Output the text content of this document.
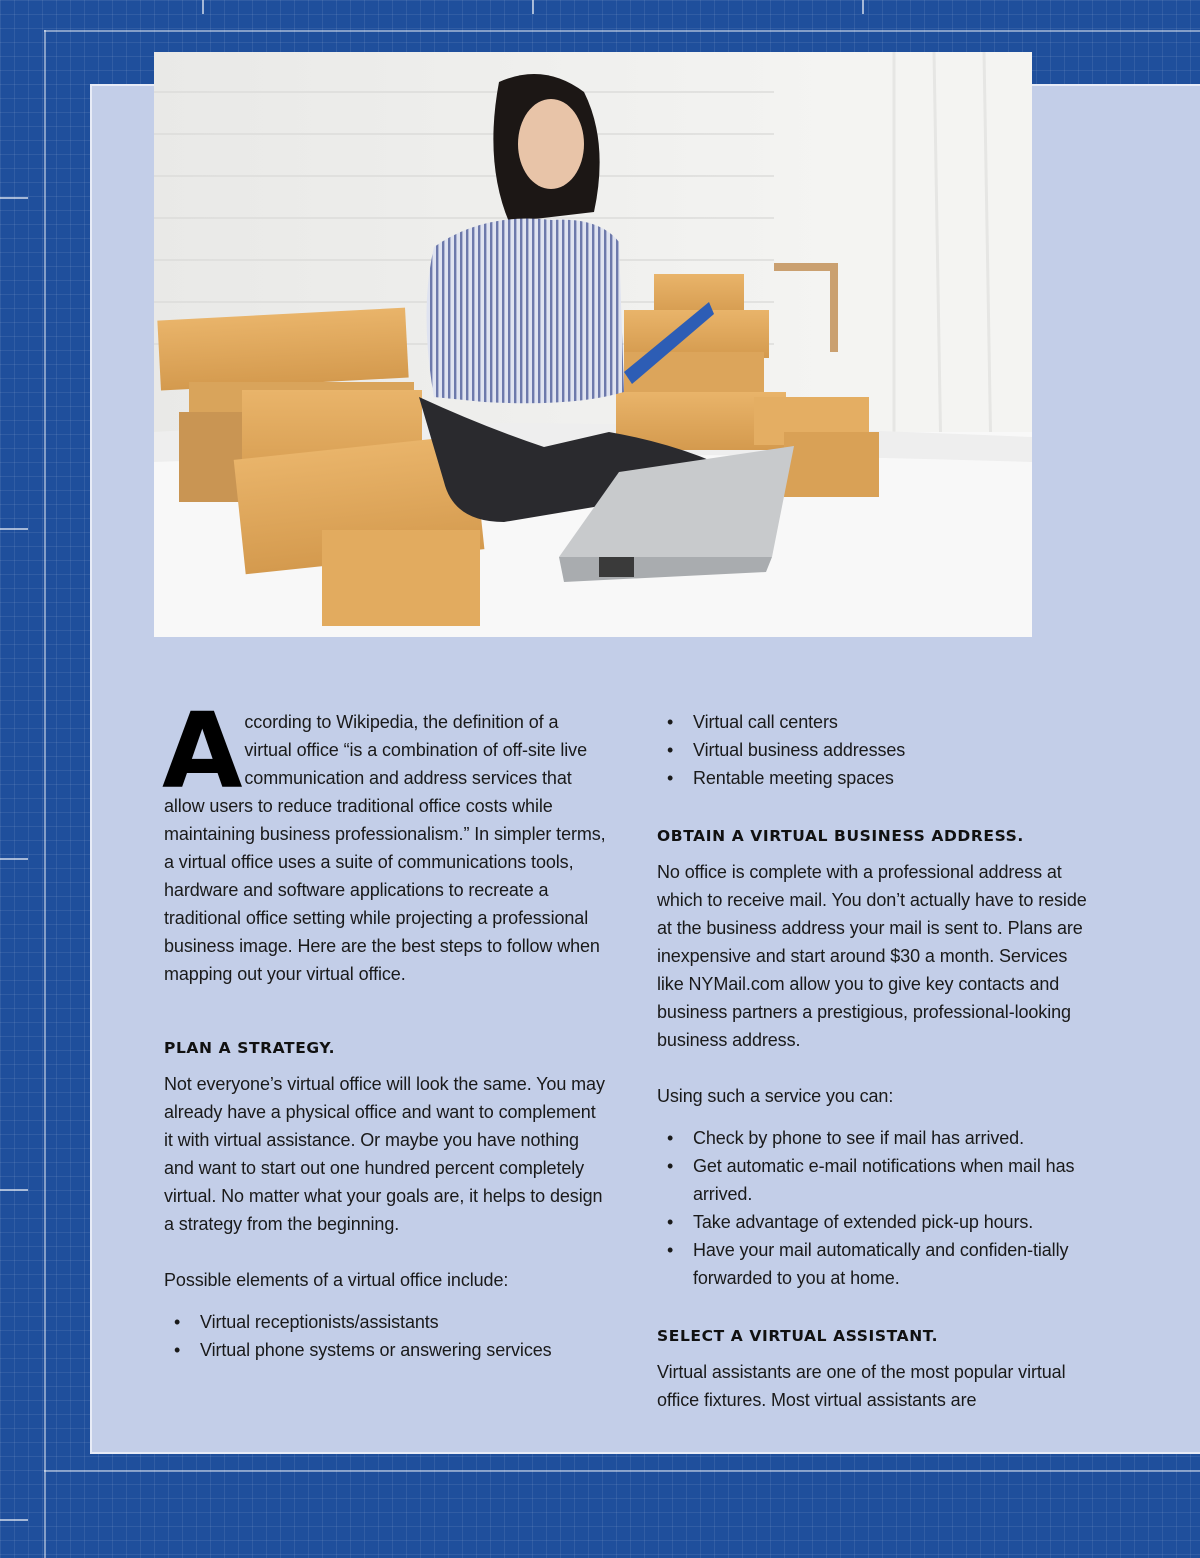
According to Wikipedia, the definition of a virtual office “is a combination of off-site live communication and address services that allow users to reduce traditional office costs while maintaining business professionalism.” In simpler terms, a virtual office uses a suite of communications tools, hardware and software applications to recreate a traditional office setting while projecting a professional business image. Here are the best steps to follow when mapping out your virtual office.

PLAN A STRATEGY.

Not everyone’s virtual office will look the same. You may already have a physical office and want to complement it with virtual assistance. Or maybe you have nothing and want to start out one hundred percent completely virtual. No matter what your goals are, it helps to design a strategy from the beginning.

Possible elements of a virtual office include:

• Virtual receptionists/assistants
• Virtual phone systems or answering services
• Virtual call centers
• Virtual business addresses
• Rentable meeting spaces
OBTAIN A VIRTUAL BUSINESS ADDRESS.

No office is complete with a professional address at which to receive mail. You don’t actually have to reside at the business address your mail is sent to. Plans are inexpensive and start around $30 a month. Services like NYMail.com allow you to give key contacts and business partners a prestigious, professional-looking business address.

Using such a service you can:

• Check by phone to see if mail has arrived.
• Get automatic e-mail notifications when mail has arrived.
• Take advantage of extended pick-up hours.
• Have your mail automatically and confiden-tially forwarded to you at home.
SELECT A VIRTUAL ASSISTANT.

Virtual assistants are one of the most popular virtual office fixtures. Most virtual assistants are
